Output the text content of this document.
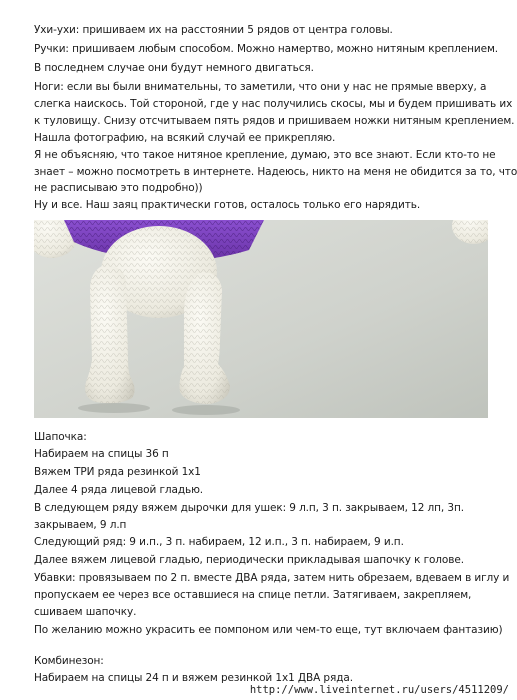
Ухи-ухи: пришиваем их на расстоянии 5 рядов от центра головы.
Ручки: пришиваем любым способом. Можно намертво, можно нитяным креплением.
В последнем случае они будут немного двигаться.
Ноги: если вы были внимательны, то заметили, что они у нас не прямые вверху, а
слегка наискось. Той стороной, где у нас получились скосы, мы и будем пришивать их
к туловищу. Снизу отсчитываем пять рядов и пришиваем ножки нитяным креплением.
Нашла фотографию, на всякий случай ее прикрепляю.
Я не объясняю, что такое нитяное крепление, думаю, это все знают. Если кто-то не
знает – можно посмотреть в интернете. Надеюсь, никто на меня не обидится за то, что
не расписываю это подробно))
Ну и все. Наш заяц практически готов, осталось только его нарядить.
Шапочка:
Набираем на спицы 36 п
Вяжем ТРИ ряда резинкой 1х1
Далее 4 ряда лицевой гладью.
В следующем ряду вяжем дырочки для ушек: 9 л.п, 3 п. закрываем, 12 лп, 3п.
закрываем, 9 л.п
Следующий ряд: 9 и.п., 3 п. набираем, 12 и.п., 3 п. набираем, 9 и.п.
Далее вяжем лицевой гладью, периодически прикладывая шапочку к голове.
Убавки: провязываем по 2 п. вместе ДВА ряда, затем нить обрезаем, вдеваем в иглу и
пропускаем ее через все оставшиеся на спице петли. Затягиваем, закрепляем,
сшиваем шапочку.
По желанию можно украсить ее помпоном или чем-то еще, тут включаем фантазию)
Комбинезон:
Набираем на спицы 24 п и вяжем резинкой 1х1 ДВА ряда.
http://www.liveinternet.ru/users/4511209/
